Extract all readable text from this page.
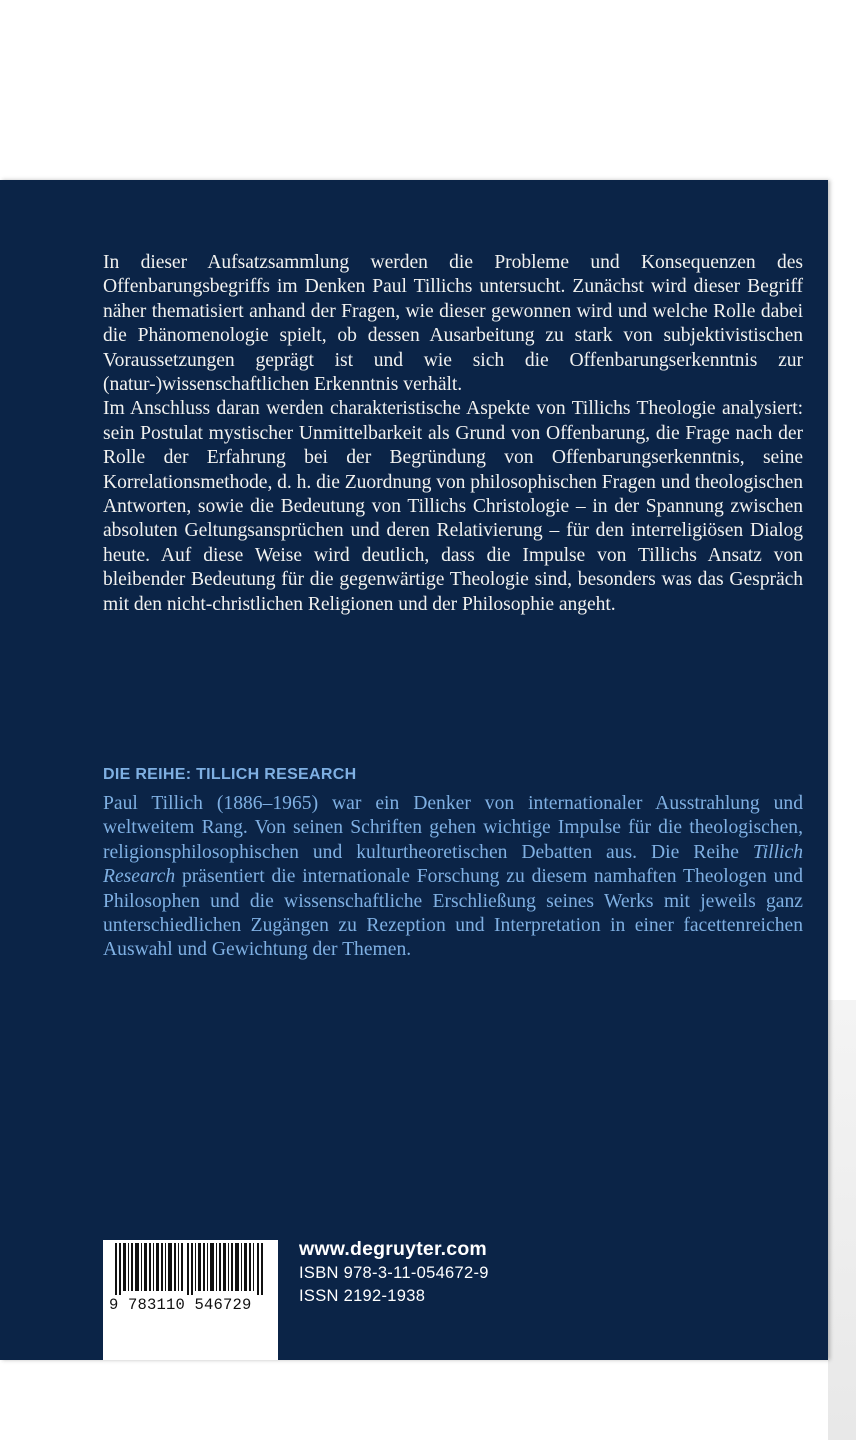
In dieser Aufsatzsammlung werden die Probleme und Konsequenzen des Offenbarungsbegriffs im Denken Paul Tillichs untersucht. Zunächst wird dieser Begriff näher thematisiert anhand der Fragen, wie dieser gewonnen wird und welche Rolle dabei die Phänomenologie spielt, ob dessen Ausarbeitung zu stark von subjektivistischen Voraussetzungen geprägt ist und wie sich die Offenbarungserkenntnis zur (natur-)wissenschaftlichen Erkenntnis verhält.

Im Anschluss daran werden charakteristische Aspekte von Tillichs Theologie analysiert: sein Postulat mystischer Unmittelbarkeit als Grund von Offenbarung, die Frage nach der Rolle der Erfahrung bei der Begründung von Offenbarungserkenntnis, seine Korrelationsmethode, d. h. die Zuordnung von philosophischen Fragen und theologischen Antworten, sowie die Bedeutung von Tillichs Christologie – in der Spannung zwischen absoluten Geltungsansprüchen und deren Relativierung – für den interreligiösen Dialog heute. Auf diese Weise wird deutlich, dass die Impulse von Tillichs Ansatz von bleibender Bedeutung für die gegenwärtige Theologie sind, besonders was das Gespräch mit den nicht-christlichen Religionen und der Philosophie angeht.

DIE REIHE: TILLICH RESEARCH

Paul Tillich (1886–1965) war ein Denker von internationaler Ausstrahlung und weltweitem Rang. Von seinen Schriften gehen wichtige Impulse für die theologischen, religionsphilosophischen und kulturtheoretischen Debatten aus. Die Reihe Tillich Research präsentiert die internationale Forschung zu diesem namhaften Theologen und Philosophen und die wissenschaftliche Erschließung seines Werks mit jeweils ganz unterschiedlichen Zugängen zu Rezeption und Interpretation in einer facettenreichen Auswahl und Gewichtung der Themen.

9 783110 546729
www.degruyter.com
ISBN 978-3-11-054672-9
ISSN 2192-1938
